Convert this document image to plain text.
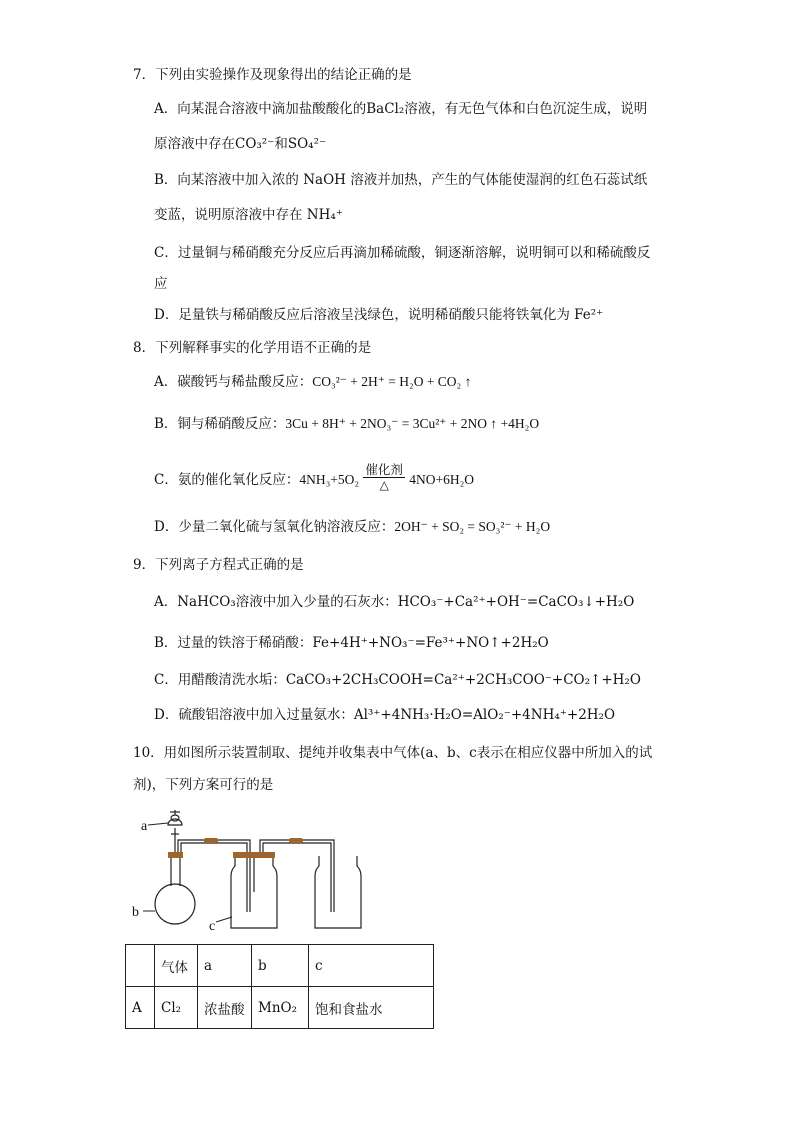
7．下列由实验操作及现象得出的结论正确的是
A．向某混合溶液中滴加盐酸酸化的BaCl₂溶液，有无色气体和白色沉淀生成，说明
原溶液中存在CO₃²⁻和SO₄²⁻
B．向某溶液中加入浓的 NaOH 溶液并加热，产生的气体能使湿润的红色石蕊试纸
变蓝，说明原溶液中存在 NH₄⁺
C．过量铜与稀硝酸充分反应后再滴加稀硫酸，铜逐渐溶解，说明铜可以和稀硫酸反
应
D．足量铁与稀硝酸反应后溶液呈浅绿色，说明稀硝酸只能将铁氧化为 Fe²⁺
8．下列解释事实的化学用语不正确的是
A．碳酸钙与稀盐酸反应：CO₃²⁻ + 2H⁺ = H₂O + CO₂ ↑
B．铜与稀硝酸反应：3Cu + 8H⁺ + 2NO₃⁻ = 3Cu²⁺ + 2NO ↑ +4H₂O
C．氨的催化氧化反应：4NH₃+5O₂
催化剂
△	4NO+6H₂O
D．少量二氧化硫与氢氧化钠溶液反应：2OH⁻ + SO₂ = SO₃²⁻ + H₂O
9．下列离子方程式正确的是
A．NaHCO₃溶液中加入少量的石灰水：HCO₃⁻+Ca²⁺+OH⁻=CaCO₃↓+H₂O
B．过量的铁溶于稀硝酸：Fe+4H⁺+NO₃⁻=Fe³⁺+NO↑+2H₂O
C．用醋酸清洗水垢：CaCO₃+2CH₃COOH=Ca²⁺+2CH₃COO⁻+CO₂↑+H₂O
D．硫酸铝溶液中加入过量氨水：Al³⁺+4NH₃·H₂O=AlO₂⁻+4NH₄⁺+2H₂O
10．用如图所示装置制取、提纯并收集表中气体(a、b、c表示在相应仪器中所加入的试
剂)，下列方案可行的是
a
b
c
	气体	a	b	c
A	Cl₂	浓盐酸	MnO₂	饱和食盐水
